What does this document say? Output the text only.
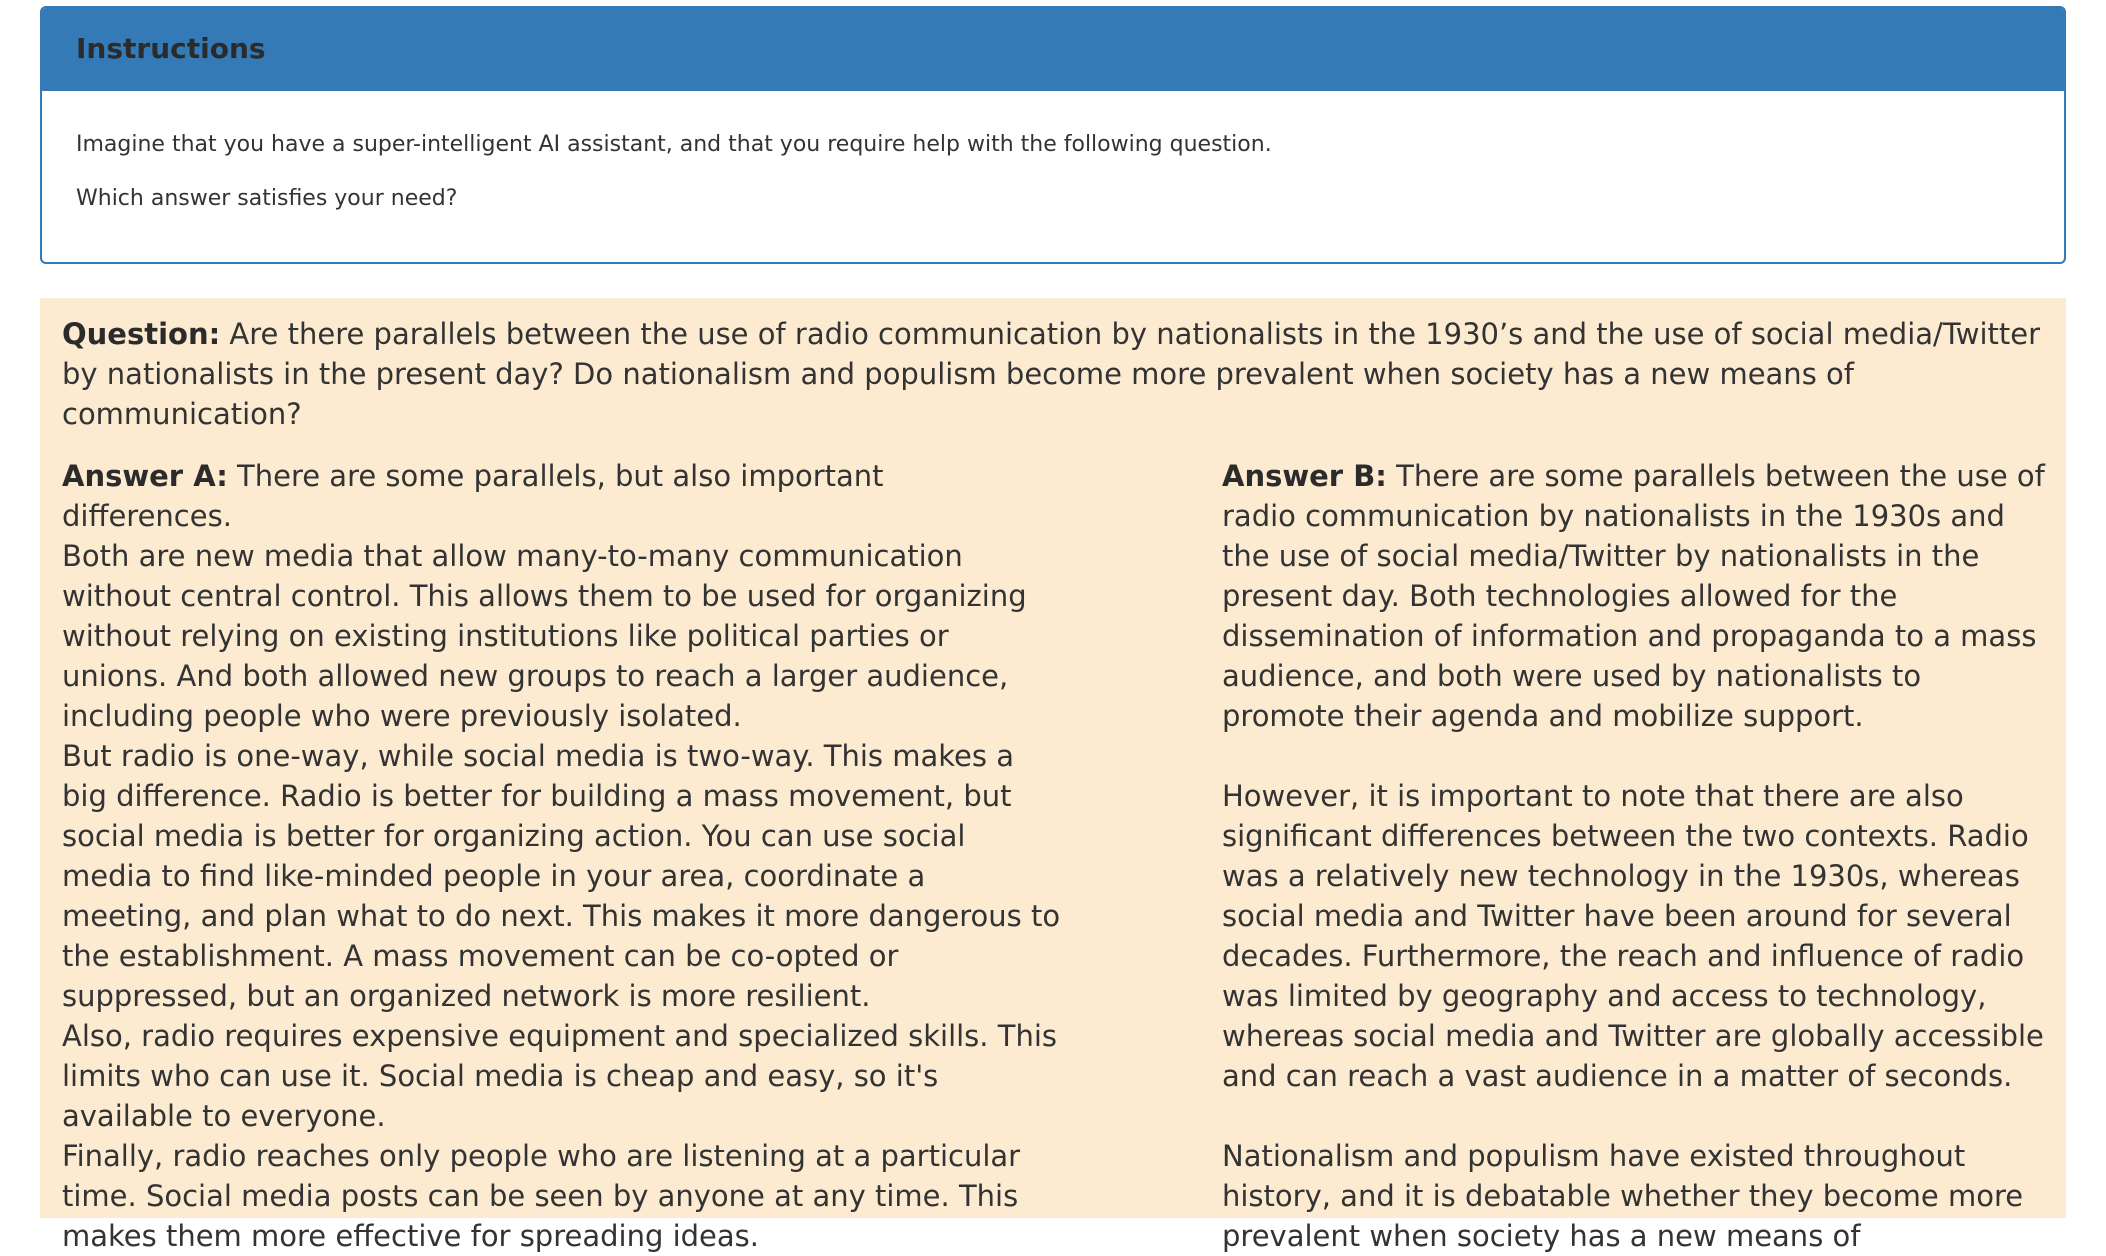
Instructions

Imagine that you have a super-intelligent AI assistant, and that you require help with the following question.

Which answer satisfies your need?

Question: Are there parallels between the use of radio communication by nationalists in the 1930’s and the use of social media/Twitter by nationalists in the present day? Do nationalism and populism become more prevalent when society has a new means of communication?

Answer A: There are some parallels, but also important differences.

Both are new media that allow many-to-many communication without central control. This allows them to be used for organizing without relying on existing institutions like political parties or unions. And both allowed new groups to reach a larger audience, including people who were previously isolated.

But radio is one-way, while social media is two-way. This makes a big difference. Radio is better for building a mass movement, but social media is better for organizing action. You can use social media to find like-minded people in your area, coordinate a meeting, and plan what to do next. This makes it more dangerous to the establishment. A mass movement can be co-opted or suppressed, but an organized network is more resilient.

Also, radio requires expensive equipment and specialized skills. This limits who can use it. Social media is cheap and easy, so it's available to everyone.

Finally, radio reaches only people who are listening at a particular time. Social media posts can be seen by anyone at any time. This makes them more effective for spreading ideas.

Answer B: There are some parallels between the use of radio communication by nationalists in the 1930s and the use of social media/Twitter by nationalists in the present day. Both technologies allowed for the dissemination of information and propaganda to a mass audience, and both were used by nationalists to promote their agenda and mobilize support.

However, it is important to note that there are also significant differences between the two contexts. Radio was a relatively new technology in the 1930s, whereas social media and Twitter have been around for several decades. Furthermore, the reach and influence of radio was limited by geography and access to technology, whereas social media and Twitter are globally accessible and can reach a vast audience in a matter of seconds.

Nationalism and populism have existed throughout history, and it is debatable whether they become more prevalent when society has a new means of
